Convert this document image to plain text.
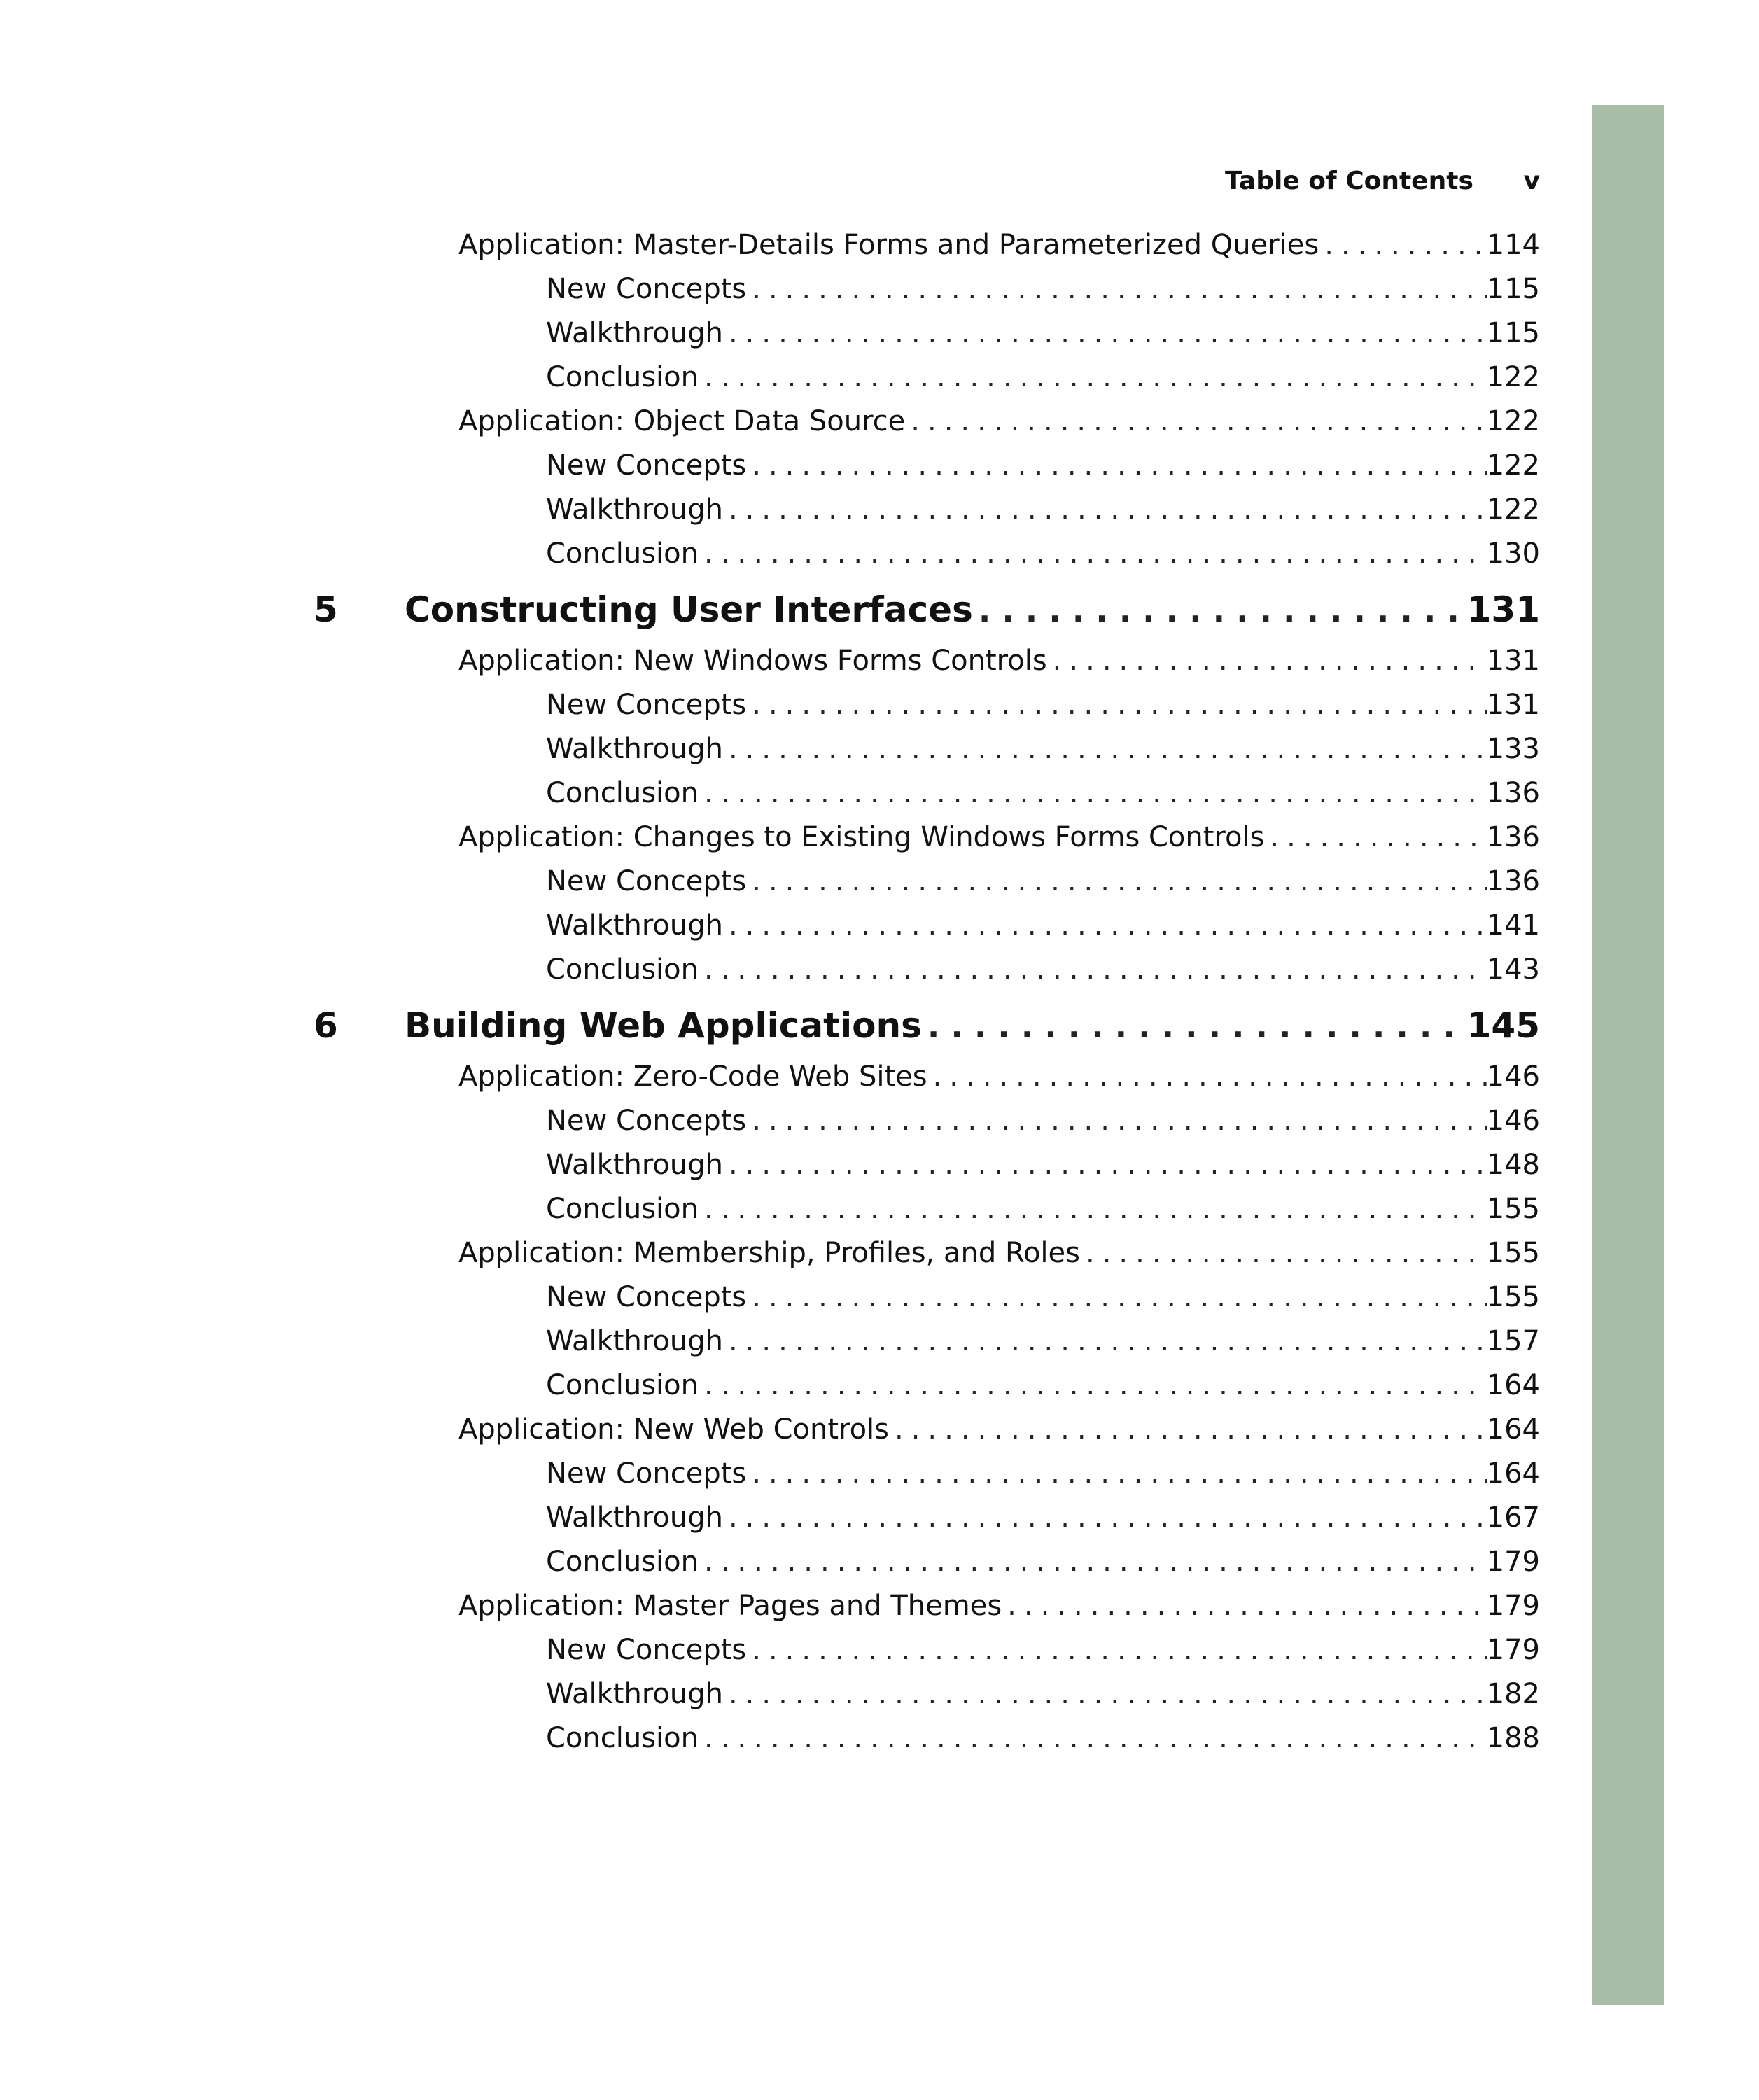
Table of Contents v
Application: Master-Details Forms and Parameterized Queries .....	114
New Concepts .....	115
Walkthrough .....	115
Conclusion .....	122
Application: Object Data Source .....	122
New Concepts .....	122
Walkthrough .....	122
Conclusion .....	130
5 Constructing User Interfaces .....	131
Application: New Windows Forms Controls .....	131
New Concepts .....	131
Walkthrough .....	133
Conclusion .....	136
Application: Changes to Existing Windows Forms Controls .....	136
New Concepts .....	136
Walkthrough .....	141
Conclusion .....	143
6 Building Web Applications .....	145
Application: Zero-Code Web Sites .....	146
New Concepts .....	146
Walkthrough .....	148
Conclusion .....	155
Application: Membership, Profiles, and Roles .....	155
New Concepts .....	155
Walkthrough .....	157
Conclusion .....	164
Application: New Web Controls .....	164
New Concepts .....	164
Walkthrough .....	167
Conclusion .....	179
Application: Master Pages and Themes .....	179
New Concepts .....	179
Walkthrough .....	182
Conclusion .....	188
